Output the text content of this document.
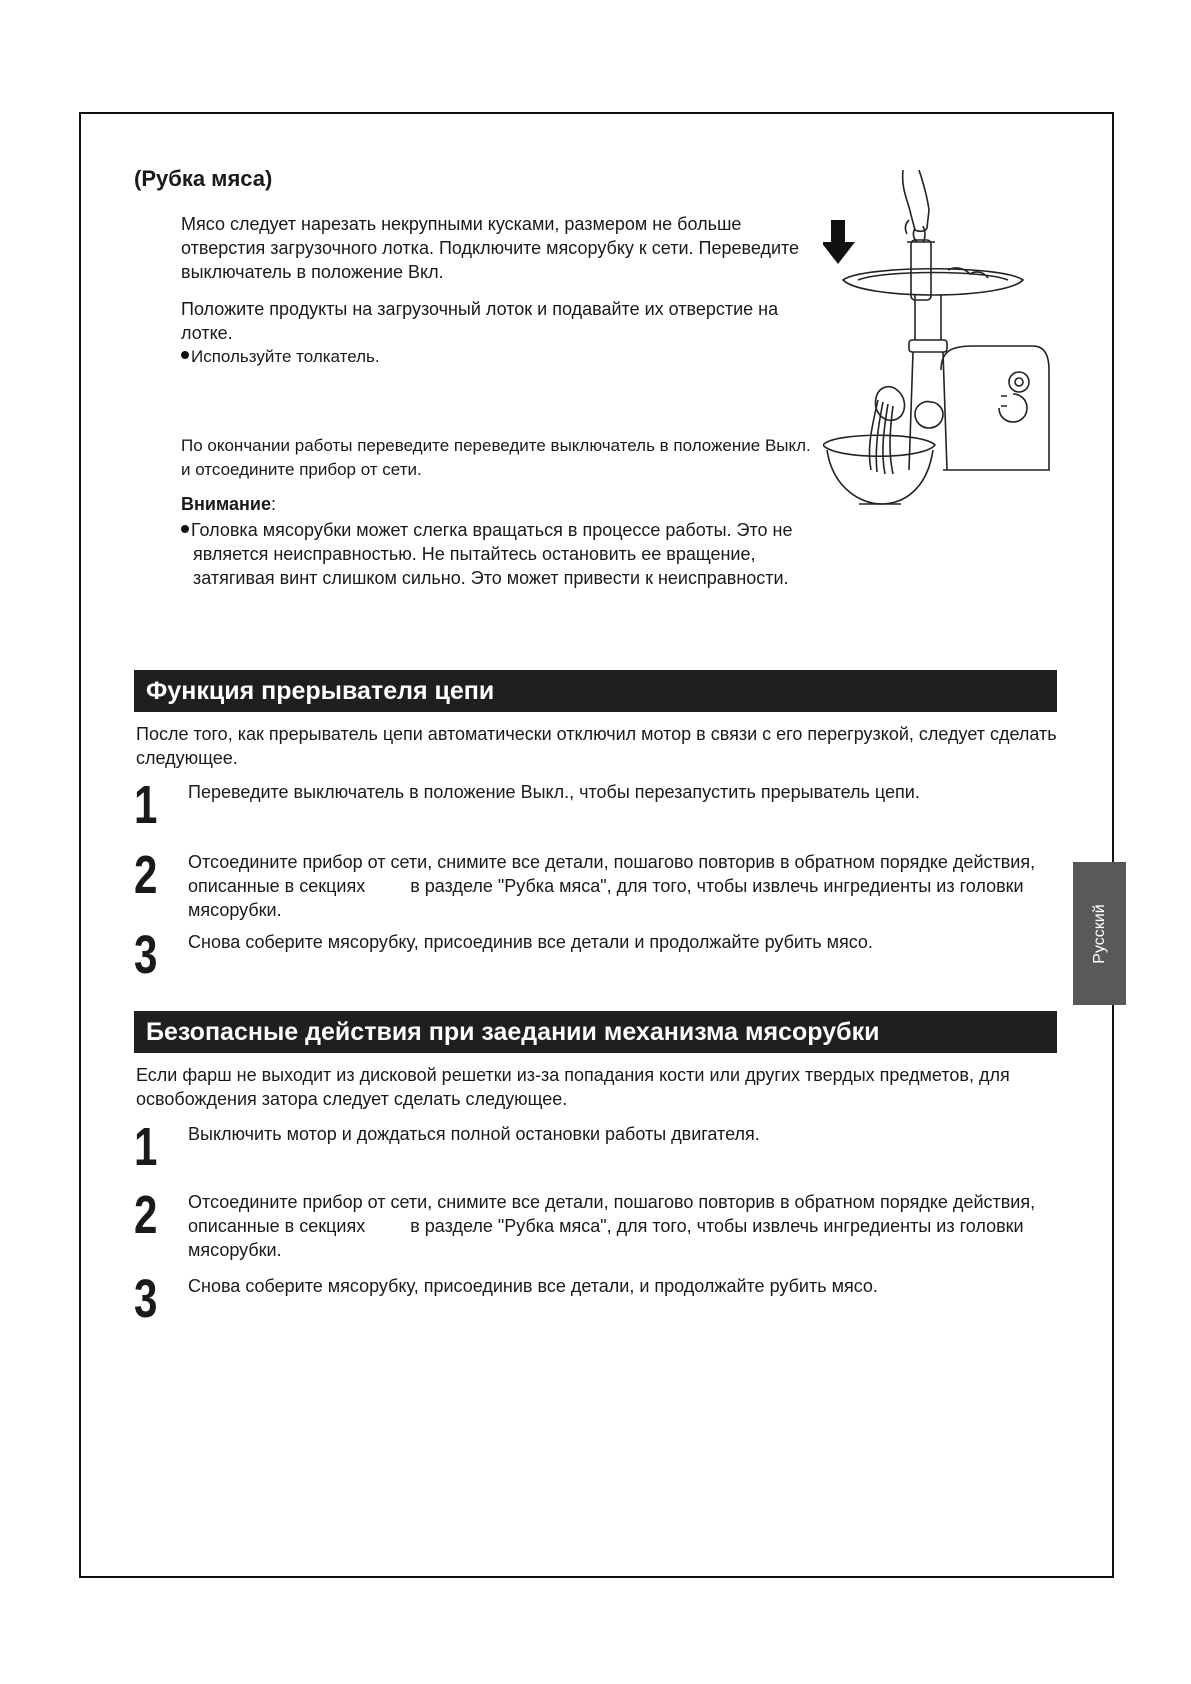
(Рубка мяса)

Мясо следует нарезать некрупными кусками, размером не больше отверстия загрузочного лотка. Подключите мясорубку к сети. Переведите выключатель в положение Вкл.

Положите продукты на загрузочный лоток и подавайте их отверстие на лотке.

Используйте толкатель.

По окончании работы переведите переведите выключатель в положение Выкл. и отсоедините прибор от сети.

Внимание:

Головка мясорубки может слегка вращаться в процессе работы. Это не является неисправностью. Не пытайтесь остановить ее вращение, затягивая винт слишком сильно. Это может привести к неисправности.

Функция прерывателя цепи

После того, как прерыватель цепи автоматически отключил мотор в связи с его перегрузкой, следует сделать следующее.

1 Переведите выключатель в положение Выкл., чтобы перезапустить прерыватель цепи.
2 Отсоедините прибор от сети, снимите все детали, пошагово повторив в обратном порядке действия, описанные в секциях         в разделе "Рубка мяса", для того, чтобы извлечь ингредиенты из головки мясорубки.
3 Снова соберите мясорубку, присоединив все детали и продолжайте рубить мясо.
Безопасные действия при заедании механизма мясорубки

Если фарш не выходит из дисковой решетки из-за попадания кости или других твердых предметов, для освобождения затора следует сделать следующее.

1 Выключить мотор и дождаться полной остановки работы двигателя.
2 Отсоедините прибор от сети, снимите все детали, пошагово повторив в обратном порядке действия, описанные в секциях         в разделе "Рубка мяса", для того, чтобы извлечь ингредиенты из головки мясорубки.
3 Снова соберите мясорубку, присоединив все детали, и продолжайте рубить мясо.
Русский
